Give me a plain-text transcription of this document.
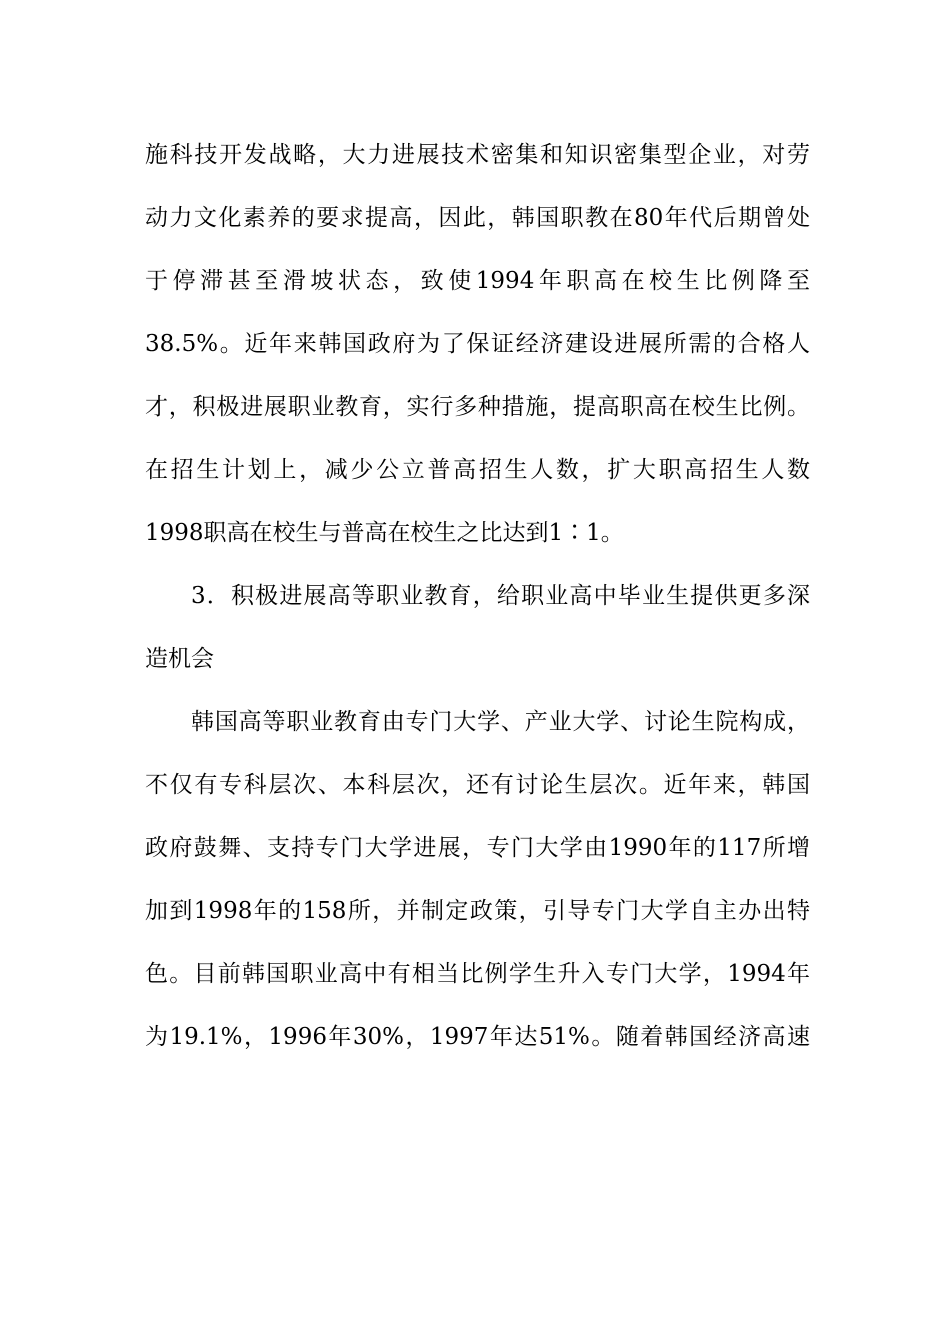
施科技开发战略，大力进展技术密集和知识密集型企业，对劳
动力文化素养的要求提高，因此，韩国职教在80年代后期曾处
于停滞甚至滑坡状态，致使1994年职高在校生比例降至
38.5%。近年来韩国政府为了保证经济建设进展所需的合格人
才，积极进展职业教育，实行多种措施，提高职高在校生比例。
在招生计划上，减少公立普高招生人数，扩大职高招生人数
1998职高在校生与普高在校生之比达到1∶1。
3．积极进展高等职业教育，给职业高中毕业生提供更多深
造机会
韩国高等职业教育由专门大学、产业大学、讨论生院构成，
不仅有专科层次、本科层次，还有讨论生层次。近年来，韩国
政府鼓舞、支持专门大学进展，专门大学由1990年的117所增
加到1998年的158所，并制定政策，引导专门大学自主办出特
色。目前韩国职业高中有相当比例学生升入专门大学，1994年
为19.1%，1996年30%，1997年达51%。随着韩国经济高速
